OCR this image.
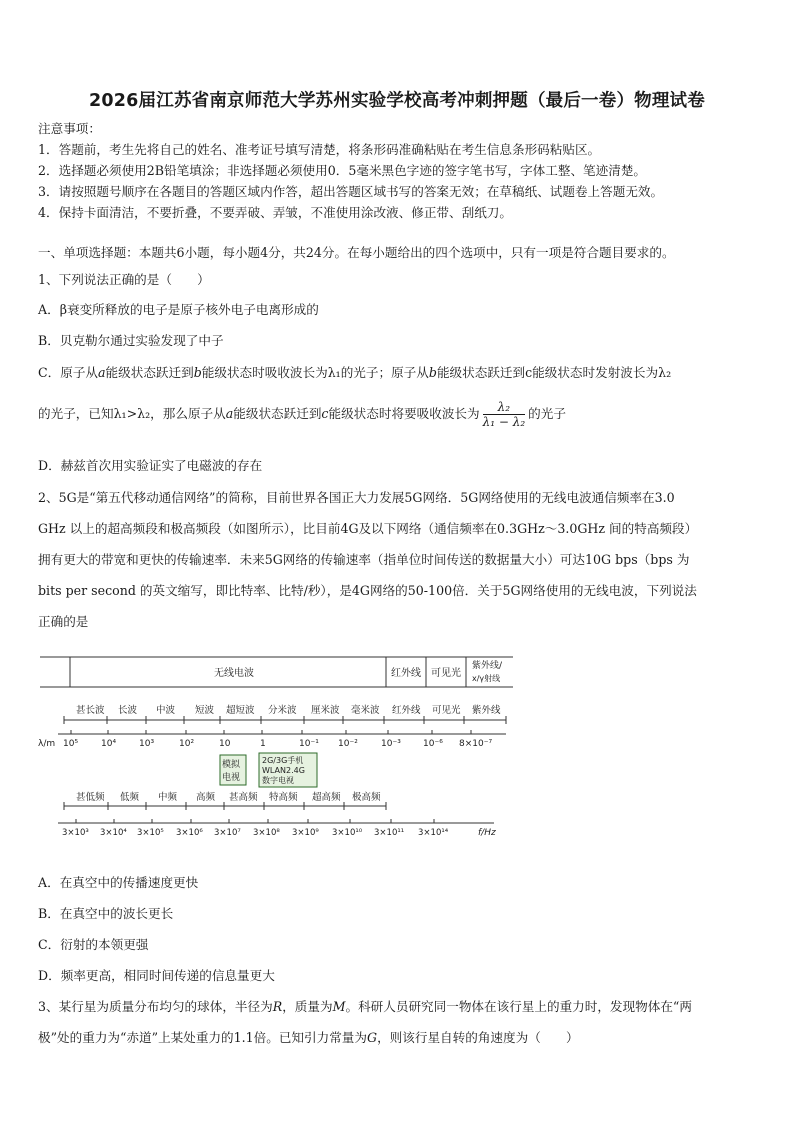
2026届江苏省南京师范大学苏州实验学校高考冲刺押题（最后一卷）物理试卷
注意事项：
1．答题前，考生先将自己的姓名、准考证号填写清楚，将条形码准确粘贴在考生信息条形码粘贴区。
2．选择题必须使用2B铅笔填涂；非选择题必须使用0．5毫米黑色字迹的签字笔书写，字体工整、笔迹清楚。
3．请按照题号顺序在各题目的答题区域内作答，超出答题区域书写的答案无效；在草稿纸、试题卷上答题无效。
4．保持卡面清洁，不要折叠，不要弄破、弄皱，不准使用涂改液、修正带、刮纸刀。
一、单项选择题：本题共6小题，每小题4分，共24分。在每小题给出的四个选项中，只有一项是符合题目要求的。
1、下列说法正确的是（　　）
A．β衰变所释放的电子是原子核外电子电离形成的
B．贝克勒尔通过实验发现了中子
C．原子从a能级状态跃迁到b能级状态时吸收波长为λ₁的光子；原子从b能级状态跃迁到c能级状态时发射波长为λ₂
的光子，已知λ₁>λ₂，那么原子从a能级状态跃迁到c能级状态时将要吸收波长为 $\frac{\text{λ₂}}{\text{λ₁ − λ₂}}$ 的光子
D．赫兹首次用实验证实了电磁波的存在
2、5G是“第五代移动通信网络”的简称，目前世界各国正大力发展5G网络．5G网络使用的无线电波通信频率在3.0
GHz 以上的超高频段和极高频段（如图所示），比目前4G及以下网络（通信频率在0.3GHz～3.0GHz 间的特高频段）
拥有更大的带宽和更快的传输速率．未来5G网络的传输速率（指单位时间传送的数据量大小）可达10G bps（bps 为
bits per second 的英文缩写，即比特率、比特/秒），是4G网络的50-100倍．关于5G网络使用的无线电波，下列说法
正确的是
无线电波	红外线 可见光
紫外线/
x/γ射线
甚长波 长波 中波 短波 超短波 分米波 厘米波 毫米波 红外线 可见光 紫外线
λ/m 10⁵	10⁴	10³	10²	10	1	10⁻¹ 10⁻²	10⁻³ 10⁻⁶ 8×10⁻⁷
模拟
电视
2G/3G手机
WLAN2.4G
数字电视
甚低频 低频 中频 高频 甚高频 特高频 超高频 极高频
3×10³ 3×10⁴ 3×10⁵ 3×10⁶ 3×10⁷ 3×10⁸ 3×10⁹ 3×10¹⁰ 3×10¹¹ 3×10¹⁴	f/Hz
A．在真空中的传播速度更快
B．在真空中的波长更长
C．衍射的本领更强
D．频率更高，相同时间传递的信息量更大
3、某行星为质量分布均匀的球体，半径为R，质量为M。科研人员研究同一物体在该行星上的重力时，发现物体在“两
极”处的重力为“赤道”上某处重力的1.1倍。已知引力常量为G，则该行星自转的角速度为（　　）
